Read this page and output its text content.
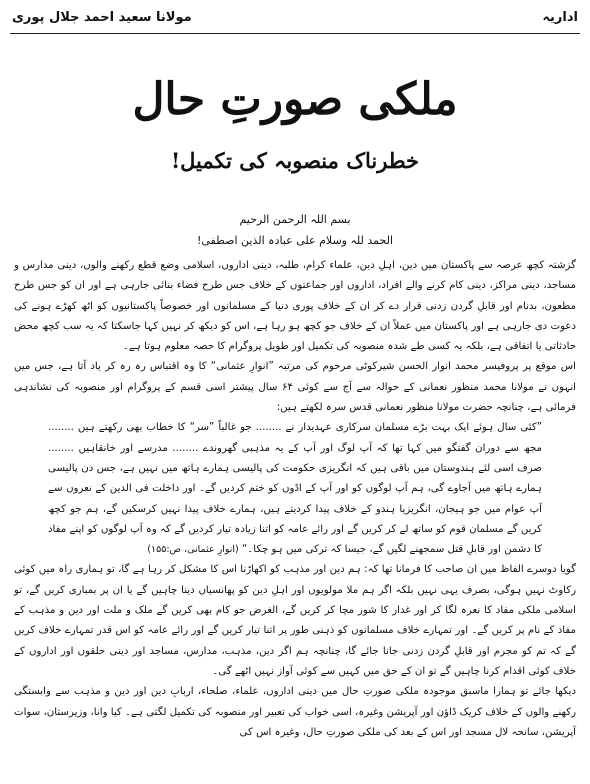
اداریہ
مولانا سعید احمد جلال پوری
ملکی صورتِ حال
خطرناک منصوبہ کی تکمیل!
بسم اللہ الرحمن الرحیم
الحمد للہ وسلام علی عبادہ الذین اصطفی!

گزشتہ کچھ عرصہ سے پاکستان میں دین، اہلِ دین، علماء کرام، طلبہ، دینی اداروں، اسلامی وضع قطع رکھنے والوں، دینی مدارس و مساجد، دینی مراکز، دینی کام کرنے والے افراد، اداروں اور جماعتوں کے خلاف جس طرح فضاء بنائی جارہی ہے اور ان کو جس طرح مطعون، بدنام اور قابلِ گردن زدنی قرار دے کر ان کے خلاف پوری دنیا کے مسلمانوں اور خصوصاً پاکستانیوں کو اٹھ کھڑے ہونے کی دعوت دی جارہی ہے اور پاکستان میں عملاً ان کے خلاف جو کچھ ہو رہا ہے، اس کو دیکھ کر نہیں کہا جاسکتا کہ یہ سب کچھ محض حادثاتی یا اتفاقی ہے، بلکہ یہ کسی طے شدہ منصوبہ کی تکمیل اور طویل پروگرام کا حصہ معلوم ہوتا ہے۔

اس موقع پر پروفیسر محمد انوار الحسن شیرکوٹی مرحوم کی مرتبہ ”انوارِ عثمانی“ کا وہ اقتباس رہ رہ کر یاد آتا ہے، جس میں انہوں نے مولانا محمد منظور نعمانی کے حوالہ سے آج سے کوئی ۶۴ سال پیشتر اسی قسم کے پروگرام اور منصوبہ کی نشاندہی فرمائی ہے، چنانچہ حضرت مولانا منظور نعمانی قدس سرہ لکھتے ہیں:

”کئی سال ہوئے ایک بہت بڑے مسلمان سرکاری عہدیدار نے ........ جو غالباً ”سر“ کا خطاب بھی رکھتے ہیں ........ مجھ سے دوران گفتگو میں کہا تھا کہ آپ لوگ اور آپ کے یہ مذہبی گھروندے ........ مدرسے اور خانقاہیں ........ صرف اسی لئے ہندوستان میں باقی ہیں کہ انگریزی حکومت کی پالیسی ہمارے ہاتھ میں نہیں ہے، جس دن پالیسی ہمارے ہاتھ میں آجاوے گی، ہم آپ لوگوں کو اور آپ کے اڈوں کو ختم کردیں گے۔ اور داخلت فی الدین کے نعروں سے آپ عوام میں جو ہیجان، انگریزیا ہندو کے خلاف پیدا کردیتے ہیں، ہمارے خلاف پیدا نہیں کرسکیں گے، ہم جو کچھ کریں گے مسلمان قوم کو ساتھ لے کر کریں گے اور رائے عامہ کو اتنا زیادہ تیار کردیں گے کہ وہ آپ لوگوں کو اپنے مفاد کا دشمن اور قابلِ قتل سمجھنے لگیں گے، جیسا کہ ترکی میں ہو چکا۔“ (انوارِ عثمانی، ص:۱۵۵)

گویا دوسرے الفاظ میں ان صاحب کا فرمانا تھا کہ: ہم دین اور مذہب کو اکھاڑنا اس کا مشکل کر رہا ہے گا، تو ہماری راہ میں کوئی رکاوٹ نہیں ہوگی، بصرف یہی نہیں بلکہ اگر ہم ملا مولویوں اور اہلِ دین کو پھانسیاں دینا چاہیں گے یا ان پر بمباری کریں گے، تو اسلامی ملکی مفاد کا نعرہ لگا کر اور غدار کا شور مچا کر کریں گے، الغرض جو کام بھی کریں گے ملک و ملت اور دین و مذہب کے مفاد کے نام پر کریں گے۔ اور تمہارے خلاف مسلمانوں کو ذہنی طور پر اتنا تیار کریں گے اور رائے عامہ کو اس قدر تمہارے خلاف کریں گے کہ تم کو مجرم اور قابلِ گردن زدنی جانا جائے گا، چنانچہ ہم اگر دین، مذہب، مدارس، مساجد اور دینی حلقوں اور اداروں کے خلاف کوئی اقدام کرنا چاہیں گے تو ان کے حق میں کہیں سے کوئی آواز نہیں اٹھے گی۔

دیکھا جائے تو ہمارا ماسبق موجودہ ملکی صورتِ حال میں دینی اداروں، علماء، صلحاء، اربابِ دین اور دین و مذہب سے وابستگی رکھنے والوں کے خلاف کریک ڈاؤن اور آپریشن وغیرہ، اسی خواب کی تعبیر اور منصوبہ کی تکمیل لگتی ہے۔ کیا وانا، وزیرستان، سوات آپریشن، سانحہ لال مسجد اور اس کے بعد کی ملکی صورتِ حال، وغیرہ اس کی
